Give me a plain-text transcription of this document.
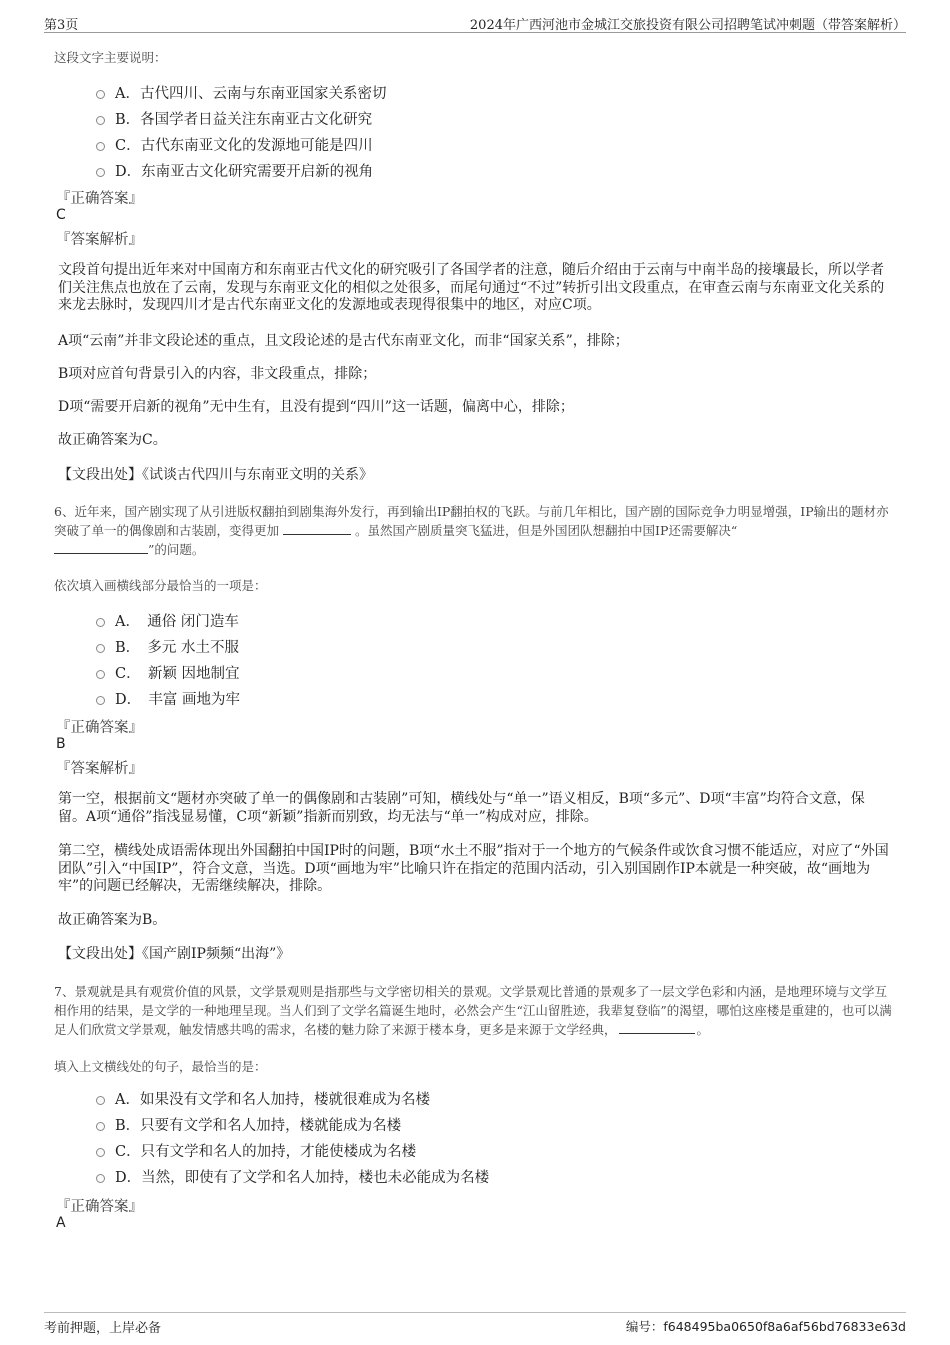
第3页	2024年广西河池市金城江交旅投资有限公司招聘笔试冲刺题（带答案解析）
这段文字主要说明：
A．古代四川、云南与东南亚国家关系密切
B．各国学者日益关注东南亚古文化研究
C．古代东南亚文化的发源地可能是四川
D．东南亚古文化研究需要开启新的视角
『正确答案』
C
『答案解析』
文段首句提出近年来对中国南方和东南亚古代文化的研究吸引了各国学者的注意，随后介绍由于云南与中南半岛的接壤最长，所以学者们关注焦点也放在了云南，发现与东南亚文化的相似之处很多，而尾句通过“不过”转折引出文段重点，在审查云南与东南亚文化关系的来龙去脉时，发现四川才是古代东南亚文化的发源地或表现得很集中的地区，对应C项。
A项“云南”并非文段论述的重点，且文段论述的是古代东南亚文化，而非“国家关系”，排除；
B项对应首句背景引入的内容，非文段重点，排除；
D项“需要开启新的视角”无中生有，且没有提到“四川”这一话题，偏离中心，排除；
故正确答案为C。
【文段出处】《试谈古代四川与东南亚文明的关系》
6、近年来，国产剧实现了从引进版权翻拍到剧集海外发行，再到输出IP翻拍权的飞跃。与前几年相比，国产剧的国际竞争力明显增强，IP输出的题材亦突破了单一的偶像剧和古装剧，变得更加	。虽然国产剧质量突飞猛进，但是外国团队想翻拍中国IP还需要解决“
”的问题。
依次填入画横线部分最恰当的一项是：
A．　通俗 闭门造车
B．　多元 水土不服
C．　新颖 因地制宜
D．　丰富 画地为牢
『正确答案』
B
『答案解析』
第一空，根据前文“题材亦突破了单一的偶像剧和古装剧”可知，横线处与“单一”语义相反，B项“多元”、D项“丰富”均符合文意，保留。A项“通俗”指浅显易懂，C项“新颖”指新而别致，均无法与“单一”构成对应，排除。
第二空，横线处成语需体现出外国翻拍中国IP时的问题，B项“水土不服”指对于一个地方的气候条件或饮食习惯不能适应，对应了“外国团队”引入“中国IP”，符合文意，当选。D项“画地为牢”比喻只许在指定的范围内活动，引入别国剧作IP本就是一种突破，故“画地为牢”的问题已经解决，无需继续解决，排除。
故正确答案为B。
【文段出处】《国产剧IP频频“出海”》
7、景观就是具有观赏价值的风景，文学景观则是指那些与文学密切相关的景观。文学景观比普通的景观多了一层文学色彩和内涵，是地理环境与文学互相作用的结果，是文学的一种地理呈现。当人们到了文学名篇诞生地时，必然会产生“江山留胜迹，我辈复登临”的渴望，哪怕这座楼是重建的，也可以满足人们欣赏文学景观，触发情感共鸣的需求，名楼的魅力除了来源于楼本身，更多是来源于文学经典，	。
填入上文横线处的句子，最恰当的是：
A．如果没有文学和名人加持，楼就很难成为名楼
B．只要有文学和名人加持，楼就能成为名楼
C．只有文学和名人的加持，才能使楼成为名楼
D．当然，即使有了文学和名人加持，楼也未必能成为名楼
『正确答案』
A
考前押题，上岸必备	编号：f648495ba0650f8a6af56bd76833e63d
